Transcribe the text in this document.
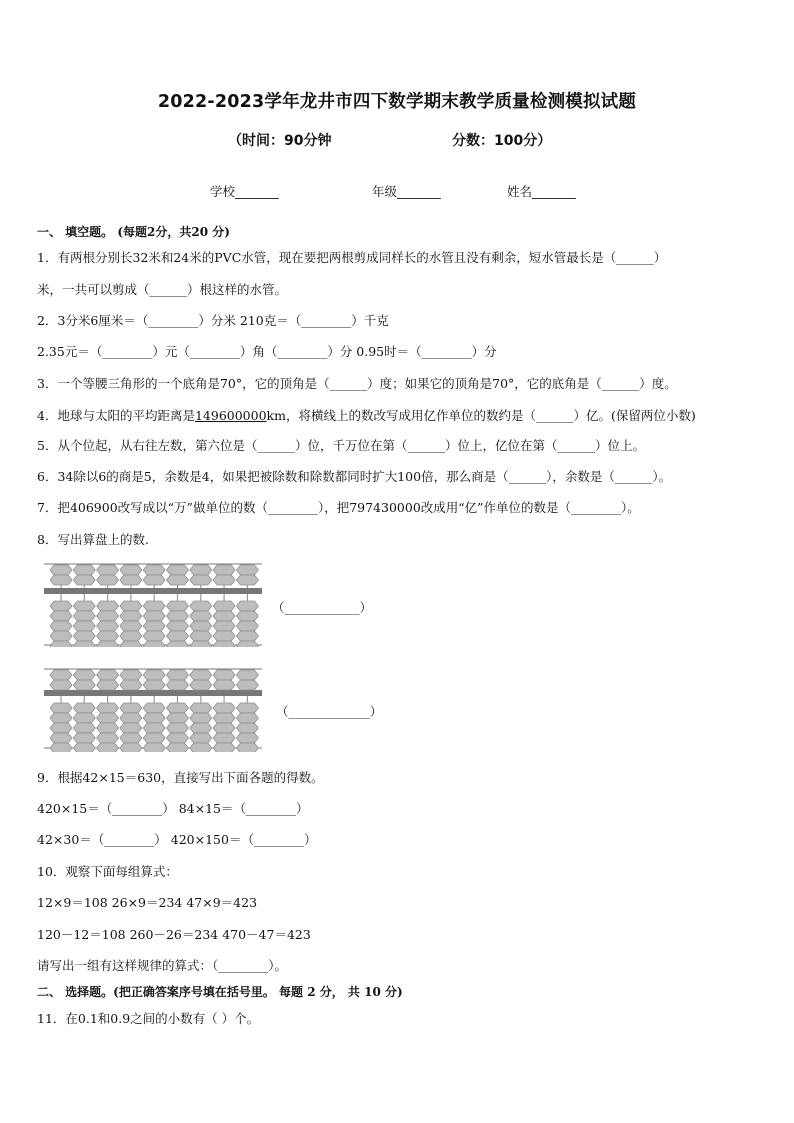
2022-2023学年龙井市四下数学期末教学质量检测模拟试题
（时间：90分钟	分数：100分）
学校_______	年级_______	姓名_______
一、 填空题。 (每题2分，共20 分)
1．有两根分别长32米和24米的PVC水管，现在要把两根剪成同样长的水管且没有剩余，短水管最长是（______）
米，一共可以剪成（______）根这样的水管。
2．3分米6厘米＝（________）分米 210克＝（________）千克
2.35元＝（________）元（________）角（________）分 0.95时＝（________）分
3．一个等腰三角形的一个底角是70°，它的顶角是（______）度；如果它的顶角是70°，它的底角是（______）度。
4．地球与太阳的平均距离是149600000km，将横线上的数改写成用亿作单位的数约是（______）亿。(保留两位小数)
5．从个位起，从右往左数，第六位是（______）位，千万位在第（______）位上，亿位在第（______）位上。
6．34除以6的商是5，余数是4，如果把被除数和除数都同时扩大100倍，那么商是（______），余数是（______）。
7．把406900改写成以“万”做单位的数（________），把797430000改成用“亿”作单位的数是（________）。
8．写出算盘上的数.
（____________）
（_____________）
9．根据42×15＝630，直接写出下面各题的得数。
420×15＝（________） 84×15＝（________）
42×30＝（________） 420×150＝（________）
10．观察下面每组算式：
12×9＝108 26×9＝234 47×9＝423
120－12＝108 260－26＝234 470－47＝423
请写出一组有这样规律的算式：（________）。
二、 选择题。(把正确答案序号填在括号里。 每题 2 分， 共 10 分)
11．在0.1和0.9之间的小数有（ ）个。
